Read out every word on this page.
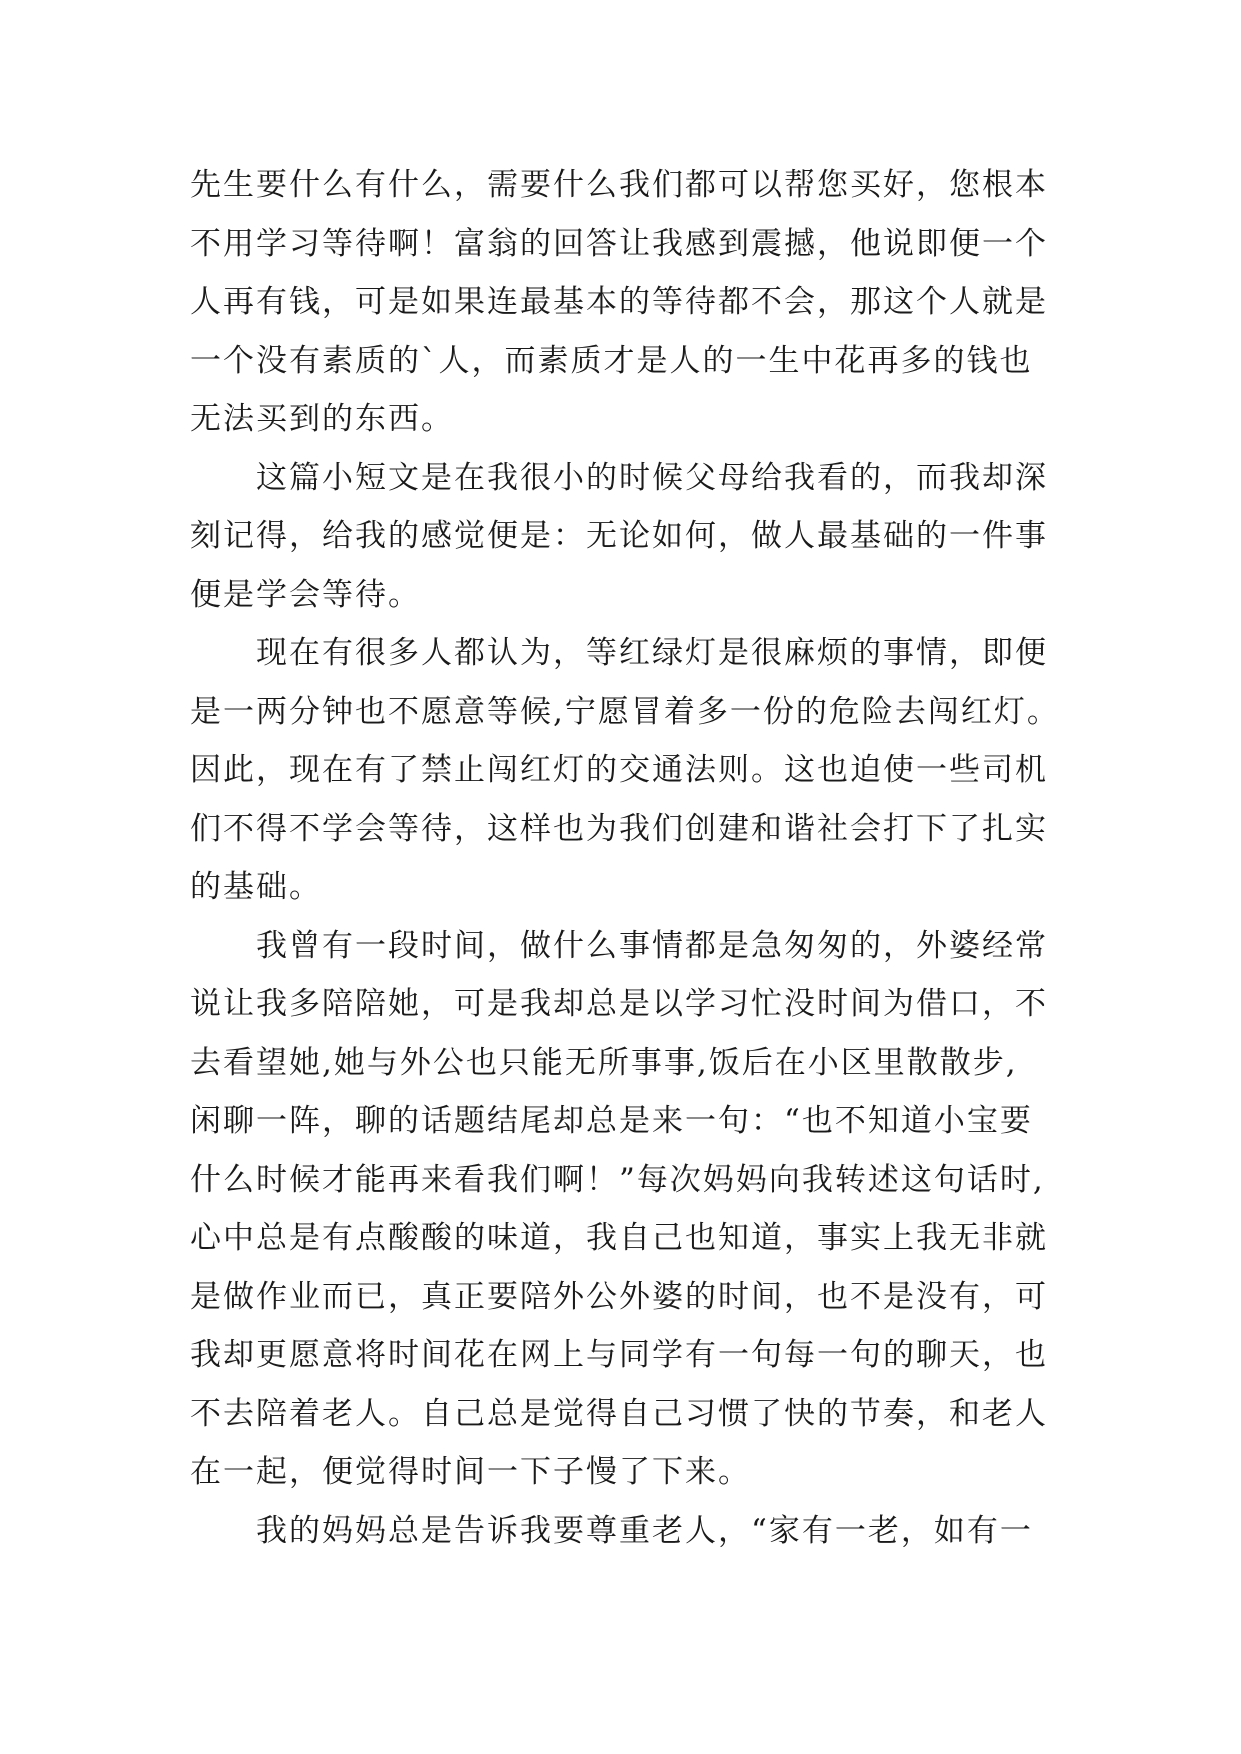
先生要什么有什么，需要什么我们都可以帮您买好，您根本
不用学习等待啊！富翁的回答让我感到震撼，他说即便一个
人再有钱，可是如果连最基本的等待都不会，那这个人就是
一个没有素质的`人，而素质才是人的一生中花再多的钱也
无法买到的东西。
这篇小短文是在我很小的时候父母给我看的，而我却深
刻记得，给我的感觉便是：无论如何，做人最基础的一件事
便是学会等待。
现在有很多人都认为，等红绿灯是很麻烦的事情，即便
是一两分钟也不愿意等候,宁愿冒着多一份的危险去闯红灯。
因此，现在有了禁止闯红灯的交通法则。这也迫使一些司机
们不得不学会等待，这样也为我们创建和谐社会打下了扎实
的基础。
我曾有一段时间，做什么事情都是急匆匆的，外婆经常
说让我多陪陪她，可是我却总是以学习忙没时间为借口，不
去看望她,她与外公也只能无所事事,饭后在小区里散散步,
闲聊一阵，聊的话题结尾却总是来一句：“也不知道小宝要
什么时候才能再来看我们啊！”每次妈妈向我转述这句话时,
心中总是有点酸酸的味道，我自己也知道，事实上我无非就
是做作业而已，真正要陪外公外婆的时间，也不是没有，可
我却更愿意将时间花在网上与同学有一句每一句的聊天，也
不去陪着老人。自己总是觉得自己习惯了快的节奏，和老人
在一起，便觉得时间一下子慢了下来。
我的妈妈总是告诉我要尊重老人，“家有一老，如有一
